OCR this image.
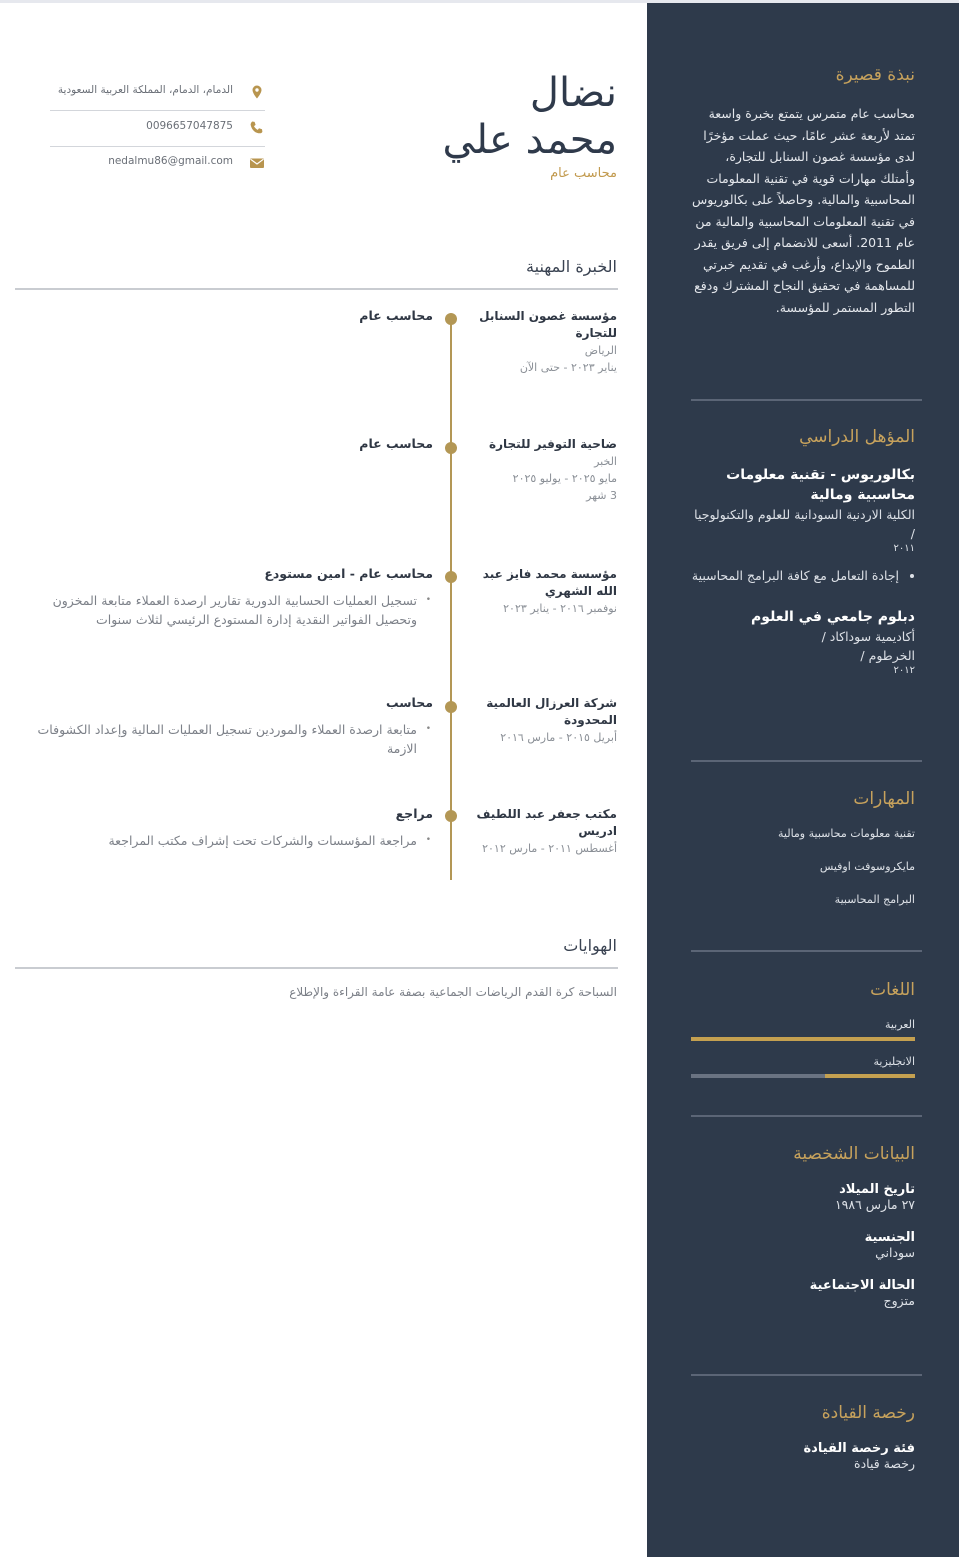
نضال
محمد علي
محاسب عام
الدمام، الدمام، المملكة العربية السعودية
0096657047875
nedalmu86@gmail.com
الخبرة المهنية
مؤسسة غصون السنابل للتجارة
الرياض
يناير ٢٠٢٣ - حتى الآن
محاسب عام
ضاحية التوفير للتجارة
الخبر
مايو ٢٠٢٥ - يوليو ٢٠٢٥
3 شهر
محاسب عام
مؤسسة محمد فايز عبد الله الشهري
نوفمبر ٢٠١٦ - يناير ٢٠٢٣
محاسب عام - امين مستودع
• تسجيل العمليات الحسابية الدورية تقارير ارصدة العملاء متابعة المخزون وتحصيل الفواتير النقدية إدارة المستودع الرئيسي لثلاث سنوات
شركة العرزال العالمية المحدودة
أبريل ٢٠١٥ - مارس ٢٠١٦
محاسب
• متابعة ارصدة العملاء والموردين تسجيل العمليات المالية وإعداد الكشوفات الازمة
مكتب جعفر عبد اللطيف ادريس
أغسطس ٢٠١١ - مارس ٢٠١٢
مراجع
• مراجعة المؤسسات والشركات تحت إشراف مكتب المراجعة
الهوايات
السباحة كرة القدم الرياضات الجماعية بصفة عامة القراءة والإطلاع
نبذة قصيرة
محاسب عام متمرس يتمتع بخبرة واسعة تمتد لأربعة عشر عامًا، حيث عملت مؤخرًا لدى مؤسسة غصون السنابل للتجارة، وأمتلك مهارات قوية في تقنية المعلومات المحاسبية والمالية. وحاصلاً على بكالوريوس في تقنية المعلومات المحاسبية والمالية من عام 2011. أسعى للانضمام إلى فريق يقدر الطموح والإبداع، وأرغب في تقديم خبرتي للمساهمة في تحقيق النجاح المشترك ودفع التطور المستمر للمؤسسة.
المؤهل الدراسي
بكالوريوس - تقنية معلومات محاسبية ومالية
الكلية الاردنية السودانية للعلوم والتكنولوجيا /
٢٠١١
• إجادة التعامل مع كافة البرامج المحاسبية
دبلوم جامعي في العلوم
أكاديمية سوداكاد /
الخرطوم /
٢٠١٢
المهارات
تقنية معلومات محاسبية ومالية
مايكروسوفت اوفيس
البرامج المحاسبية
اللغات
العربية
الانجليزية
البيانات الشخصية
تاريخ الميلاد
٢٧ مارس ١٩٨٦
الجنسية
سوداني
الحالة الاجتماعية
متزوج
رخصة القيادة
فئة رخصة القيادة
رخصة قيادة
